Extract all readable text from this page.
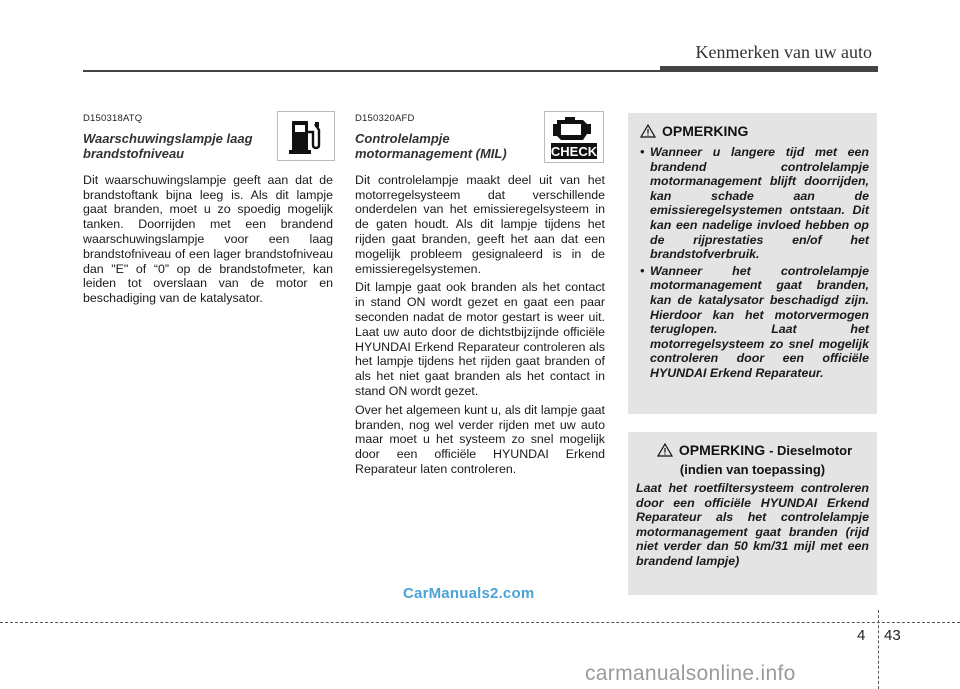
Kenmerken van uw auto
D150318ATQ
Waarschuwingslampje laag brandstofniveau
Dit waarschuwingslampje geeft aan dat de brandstoftank bijna leeg is. Als dit lampje gaat branden, moet u zo spoedig mogelijk tanken. Doorrijden met een brandend waarschuwingslampje voor een laag brandstofniveau of een lager brandstofniveau dan "E" of “0” op de brandstofmeter, kan leiden tot overslaan van de motor en beschadiging van de katalysator.
D150320AFD
Controlelampje motormanagement (MIL)
Dit controlelampje maakt deel uit van het motorregelsysteem dat verschillende onderdelen van het emissieregelsysteem in de gaten houdt. Als dit lampje tijdens het rijden gaat branden, geeft het aan dat een mogelijk probleem gesignaleerd is in de emissieregelsystemen.
Dit lampje gaat ook branden als het contact in stand ON wordt gezet en gaat een paar seconden nadat de motor gestart is weer uit. Laat uw auto door de dichtstbijzijnde officiële HYUNDAI Erkend Reparateur controleren als het lampje tijdens het rijden gaat branden of als het niet gaat branden als het contact in stand ON wordt gezet.
Over het algemeen kunt u, als dit lampje gaat branden, nog wel verder rijden met uw auto maar moet u het systeem zo snel mogelijk door een officiële HYUNDAI Erkend Reparateur laten controleren.
CHECK
OPMERKING
• Wanneer u langere tijd met een brandend controlelampje motormanagement blijft doorrijden, kan schade aan de emissieregelsystemen ontstaan. Dit kan een nadelige invloed hebben op de rijprestaties en/of het brandstofverbruik.
• Wanneer het controlelampje motormanagement gaat branden, kan de katalysator beschadigd zijn. Hierdoor kan het motorvermogen teruglopen. Laat het motorregelsysteem zo snel mogelijk controleren door een officiële HYUNDAI Erkend Reparateur.
OPMERKING - Dieselmotor
(indien van toepassing)
Laat het roetfiltersysteem controleren door een officiële HYUNDAI Erkend Reparateur als het controlelampje motormanagement gaat branden (rijd niet verder dan 50 km/31 mijl met een brandend lampje)
CarManuals2.com
4 43
carmanualsonline.info
